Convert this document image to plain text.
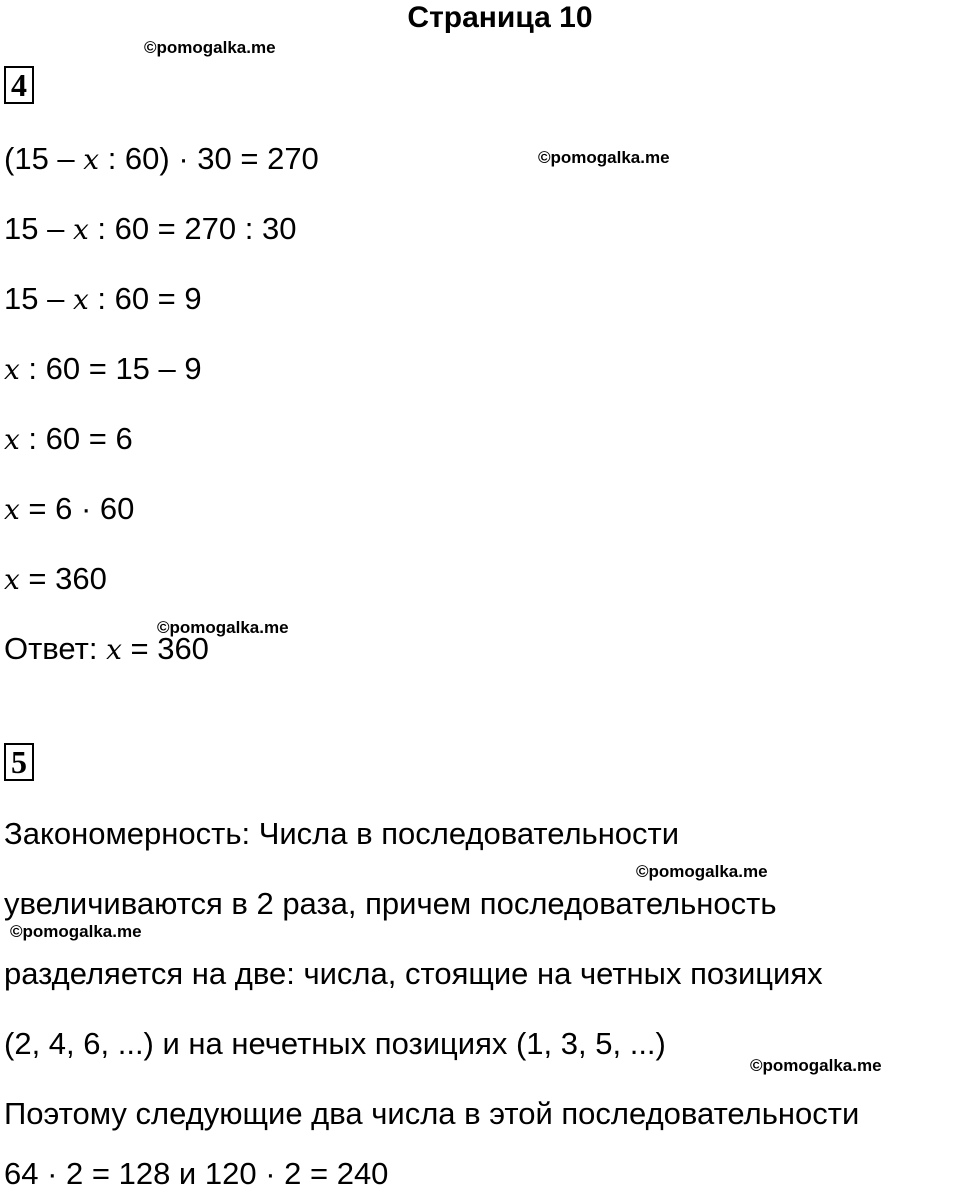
Страница 10
©pomogalka.me
©pomogalka.me
©pomogalka.me
©pomogalka.me
©pomogalka.me
©pomogalka.me
4
(15 – 𝑥 : 60) · 30 = 270
15 – 𝑥 : 60 = 270 : 30
15 – 𝑥 : 60 = 9
𝑥 : 60 = 15 – 9
𝑥 : 60 = 6
𝑥 = 6 · 60
𝑥 = 360
Ответ: 𝑥 = 360
5
Закономерность: Числа в последовательности
увеличиваются в 2 раза, причем последовательность
разделяется на две: числа, стоящие на четных позициях
(2, 4, 6, ...) и на нечетных позициях (1, 3, 5, ...)
Поэтому следующие два числа в этой последовательности
64 · 2 = 128 и 120 · 2 = 240
